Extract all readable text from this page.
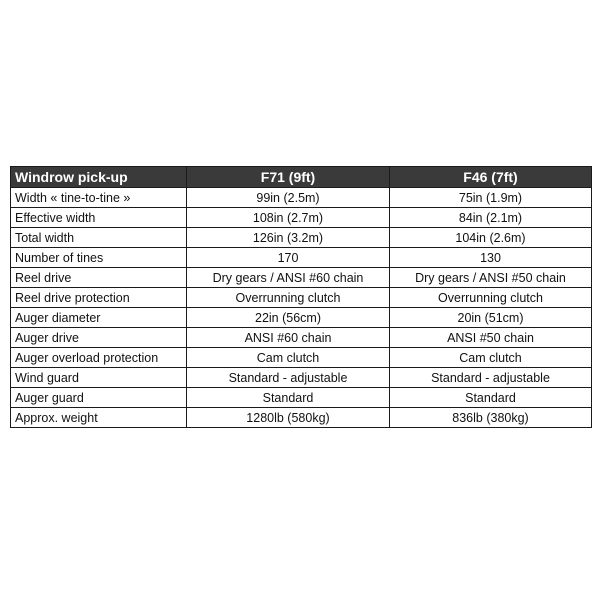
Windrow pick-up	F71 (9ft)	F46 (7ft)
Width « tine-to-tine »	99in (2.5m)	75in (1.9m)
Effective width	108in (2.7m)	84in (2.1m)
Total width	126in (3.2m)	104in (2.6m)
Number of tines	170	130
Reel drive	Dry gears / ANSI #60 chain	Dry gears / ANSI #50 chain
Reel drive protection	Overrunning clutch	Overrunning clutch
Auger diameter	22in (56cm)	20in (51cm)
Auger drive	ANSI #60 chain	ANSI #50 chain
Auger overload protection	Cam clutch	Cam clutch
Wind guard	Standard - adjustable	Standard - adjustable
Auger guard	Standard	Standard
Approx. weight	1280lb (580kg)	836lb (380kg)
